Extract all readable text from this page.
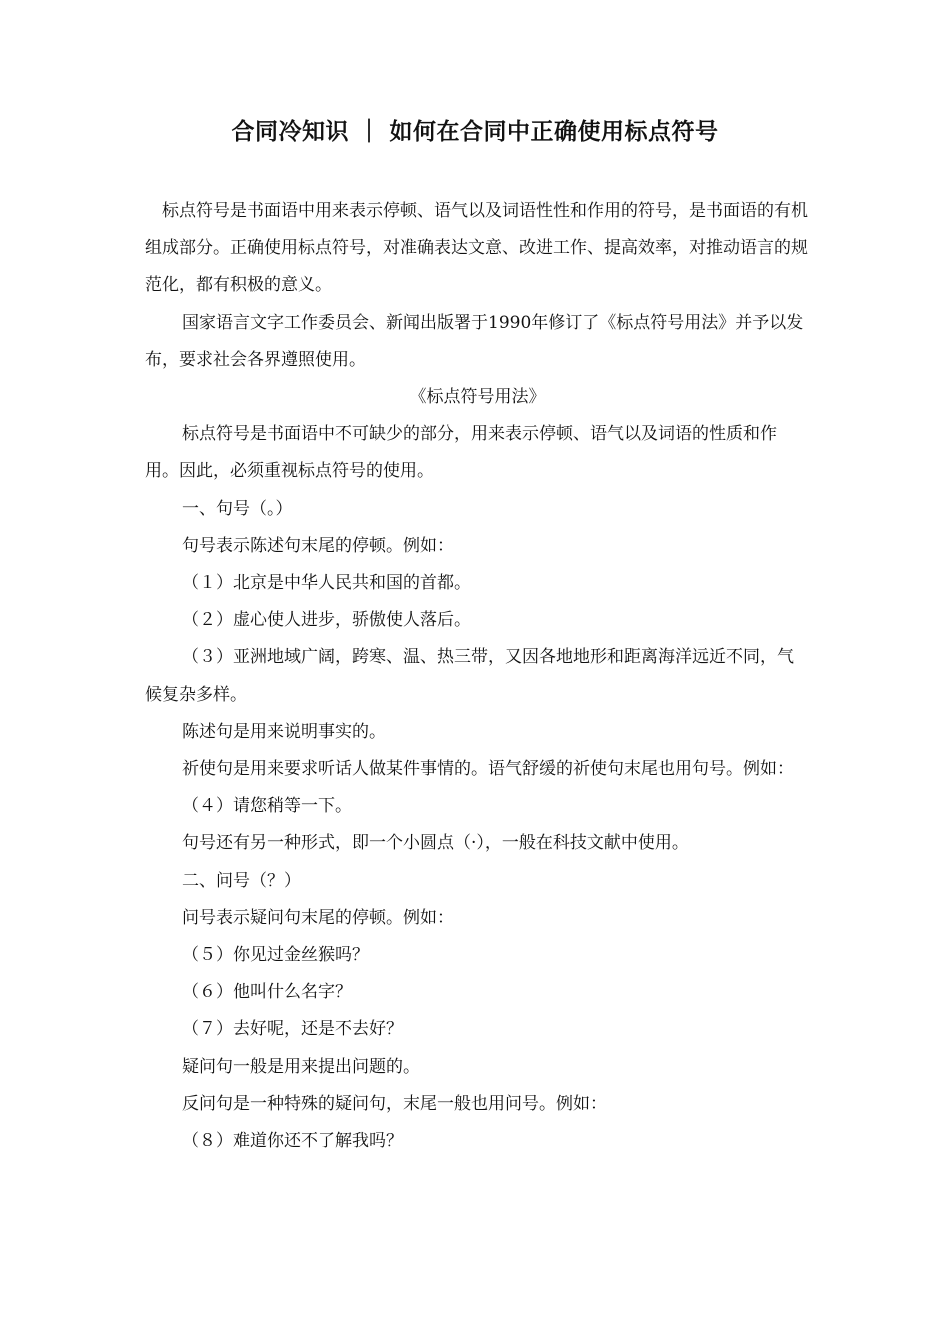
合同冷知识 ｜ 如何在合同中正确使用标点符号

标点符号是书面语中用来表示停顿、语气以及词语性性和作用的符号，是书面语的有机组成部分。正确使用标点符号，对准确表达文意、改进工作、提高效率，对推动语言的规范化，都有积极的意义。

国家语言文字工作委员会、新闻出版署于1990年修订了《标点符号用法》并予以发布，要求社会各界遵照使用。

《标点符号用法》

标点符号是书面语中不可缺少的部分，用来表示停顿、语气以及词语的性质和作用。因此，必须重视标点符号的使用。

一、句号（。）

句号表示陈述句末尾的停顿。例如：

（１）北京是中华人民共和国的首都。

（２）虚心使人进步，骄傲使人落后。

（３）亚洲地域广阔，跨寒、温、热三带，又因各地地形和距离海洋远近不同，气候复杂多样。

陈述句是用来说明事实的。

祈使句是用来要求听话人做某件事情的。语气舒缓的祈使句末尾也用句号。例如：

（４）请您稍等一下。

句号还有另一种形式，即一个小圆点（·），一般在科技文献中使用。

二、问号（？）

问号表示疑问句末尾的停顿。例如：

（５）你见过金丝猴吗？

（６）他叫什么名字？

（７）去好呢，还是不去好？

疑问句一般是用来提出问题的。

反问句是一种特殊的疑问句，末尾一般也用问号。例如：

（８）难道你还不了解我吗？
